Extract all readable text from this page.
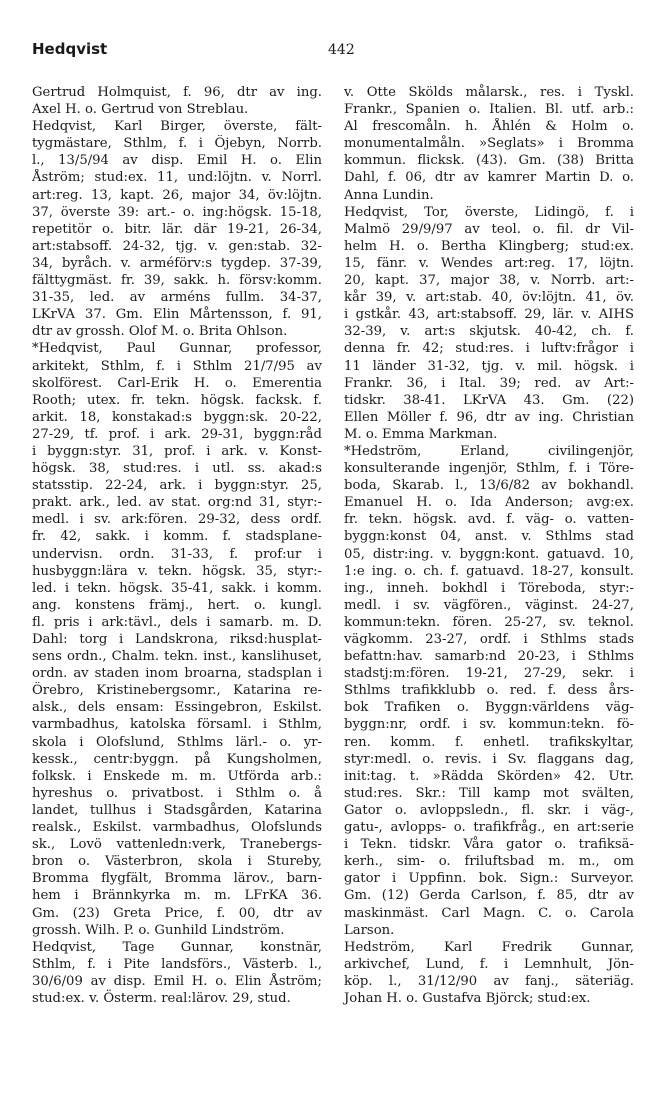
Hedqvist	442
Gertrud Holmquist, f. 96, dtr av ing.
Axel H. o. Gertrud von Streblau.
Hedqvist, Karl Birger, överste, fält-
tygmästare, Sthlm, f. i Öjebyn, Norrb.
l., 13/5/94 av disp. Emil H. o. Elin
Åström; stud:ex. 11, und:löjtn. v. Norrl.
art:reg. 13, kapt. 26, major 34, öv:löjtn.
37, överste 39: art.- o. ing:högsk. 15-18,
repetitör o. bitr. lär. där 19-21, 26-34,
art:stabsoff. 24-32, tjg. v. gen:stab. 32-
34, byråch. v. arméförv:s tygdep. 37-39,
fälttygmäst. fr. 39, sakk. h. försv:komm.
31-35, led. av arméns fullm. 34-37,
LKrVA 37. Gm. Elin Mårtensson, f. 91,
dtr av grossh. Olof M. o. Brita Ohlson.
*Hedqvist, Paul Gunnar, professor,
arkitekt, Sthlm, f. i Sthlm 21/7/95 av
skolförest. Carl-Erik H. o. Emerentia
Rooth; utex. fr. tekn. högsk. facksk. f.
arkit. 18, konstakad:s byggn:sk. 20-22,
27-29, tf. prof. i ark. 29-31, byggn:råd
i byggn:styr. 31, prof. i ark. v. Konst-
högsk. 38, stud:res. i utl. ss. akad:s
statsstip. 22-24, ark. i byggn:styr. 25,
prakt. ark., led. av stat. org:nd 31, styr:-
medl. i sv. ark:fören. 29-32, dess ordf.
fr. 42, sakk. i komm. f. stadsplane-
undervisn. ordn. 31-33, f. prof:ur i
husbyggn:lära v. tekn. högsk. 35, styr:-
led. i tekn. högsk. 35-41, sakk. i komm.
ang. konstens främj., hert. o. kungl.
fl. pris i ark:tävl., dels i samarb. m. D.
Dahl: torg i Landskrona, riksd:husplat-
sens ordn., Chalm. tekn. inst., kanslihuset,
ordn. av staden inom broarna, stadsplan i
Örebro, Kristinebergsomr., Katarina re-
alsk., dels ensam: Essingebron, Eskilst.
varmbadhus, katolska församl. i Sthlm,
skola i Olofslund, Sthlms lärl.- o. yr-
kessk., centr:byggn. på Kungsholmen,
folksk. i Enskede m. m. Utförda arb.:
hyreshus o. privatbost. i Sthlm o. å
landet, tullhus i Stadsgården, Katarina
realsk., Eskilst. varmbadhus, Olofslunds
sk., Lovö vattenledn:verk, Tranebergs-
bron o. Västerbron, skola i Stureby,
Bromma flygfält, Bromma lärov., barn-
hem i Brännkyrka m. m. LFrKA 36.
Gm. (23) Greta Price, f. 00, dtr av
grossh. Wilh. P. o. Gunhild Lindström.
Hedqvist, Tage Gunnar, konstnär,
Sthlm, f. i Pite landsförs., Västerb. l.,
30/6/09 av disp. Emil H. o. Elin Åström;
stud:ex. v. Österm. real:lärov. 29, stud.
v. Otte Skölds målarsk., res. i Tyskl.
Frankr., Spanien o. Italien. Bl. utf. arb.:
Al frescomåln. h. Åhlén & Holm o.
monumentalmåln. »Seglats» i Bromma
kommun. flicksk. (43). Gm. (38) Britta
Dahl, f. 06, dtr av kamrer Martin D. o.
Anna Lundin.
Hedqvist, Tor, överste, Lidingö, f. i
Malmö 29/9/97 av teol. o. fil. dr Vil-
helm H. o. Bertha Klingberg; stud:ex.
15, fänr. v. Wendes art:reg. 17, löjtn.
20, kapt. 37, major 38, v. Norrb. art:-
kår 39, v. art:stab. 40, öv:löjtn. 41, öv.
i gstkår. 43, art:stabsoff. 29, lär. v. AIHS
32-39, v. art:s skjutsk. 40-42, ch. f.
denna fr. 42; stud:res. i luftv:frågor i
11 länder 31-32, tjg. v. mil. högsk. i
Frankr. 36, i Ital. 39; red. av Art:-
tidskr. 38-41. LKrVA 43. Gm. (22)
Ellen Möller f. 96, dtr av ing. Christian
M. o. Emma Markman.
*Hedström, Erland, civilingenjör,
konsulterande ingenjör, Sthlm, f. i Töre-
boda, Skarab. l., 13/6/82 av bokhandl.
Emanuel H. o. Ida Anderson; avg:ex.
fr. tekn. högsk. avd. f. väg- o. vatten-
byggn:konst 04, anst. v. Sthlms stad
05, distr:ing. v. byggn:kont. gatuavd. 10,
1:e ing. o. ch. f. gatuavd. 18-27, konsult.
ing., inneh. bokhdl i Töreboda, styr:-
medl. i sv. vägfören., väginst. 24-27,
kommun:tekn. fören. 25-27, sv. teknol.
vägkomm. 23-27, ordf. i Sthlms stads
befattn:hav. samarb:nd 20-23, i Sthlms
stadstj:m:fören. 19-21, 27-29, sekr. i
Sthlms trafikklubb o. red. f. dess års-
bok Trafiken o. Byggn:världens väg-
byggn:nr, ordf. i sv. kommun:tekn. fö-
ren. komm. f. enhetl. trafikskyltar,
styr:medl. o. revis. i Sv. flaggans dag,
init:tag. t. »Rädda Skörden» 42. Utr.
stud:res. Skr.: Till kamp mot svälten,
Gator o. avloppsledn., fl. skr. i väg-,
gatu-, avlopps- o. trafikfråg., en art:serie
i Tekn. tidskr. Våra gator o. trafiksä-
kerh., sim- o. friluftsbad m. m., om
gator i Uppfinn. bok. Sign.: Surveyor.
Gm. (12) Gerda Carlson, f. 85, dtr av
maskinmäst. Carl Magn. C. o. Carola
Larson.
Hedström, Karl Fredrik Gunnar,
arkivchef, Lund, f. i Lemnhult, Jön-
köp. l., 31/12/90 av fanj., säteriäg.
Johan H. o. Gustafva Björck; stud:ex.
